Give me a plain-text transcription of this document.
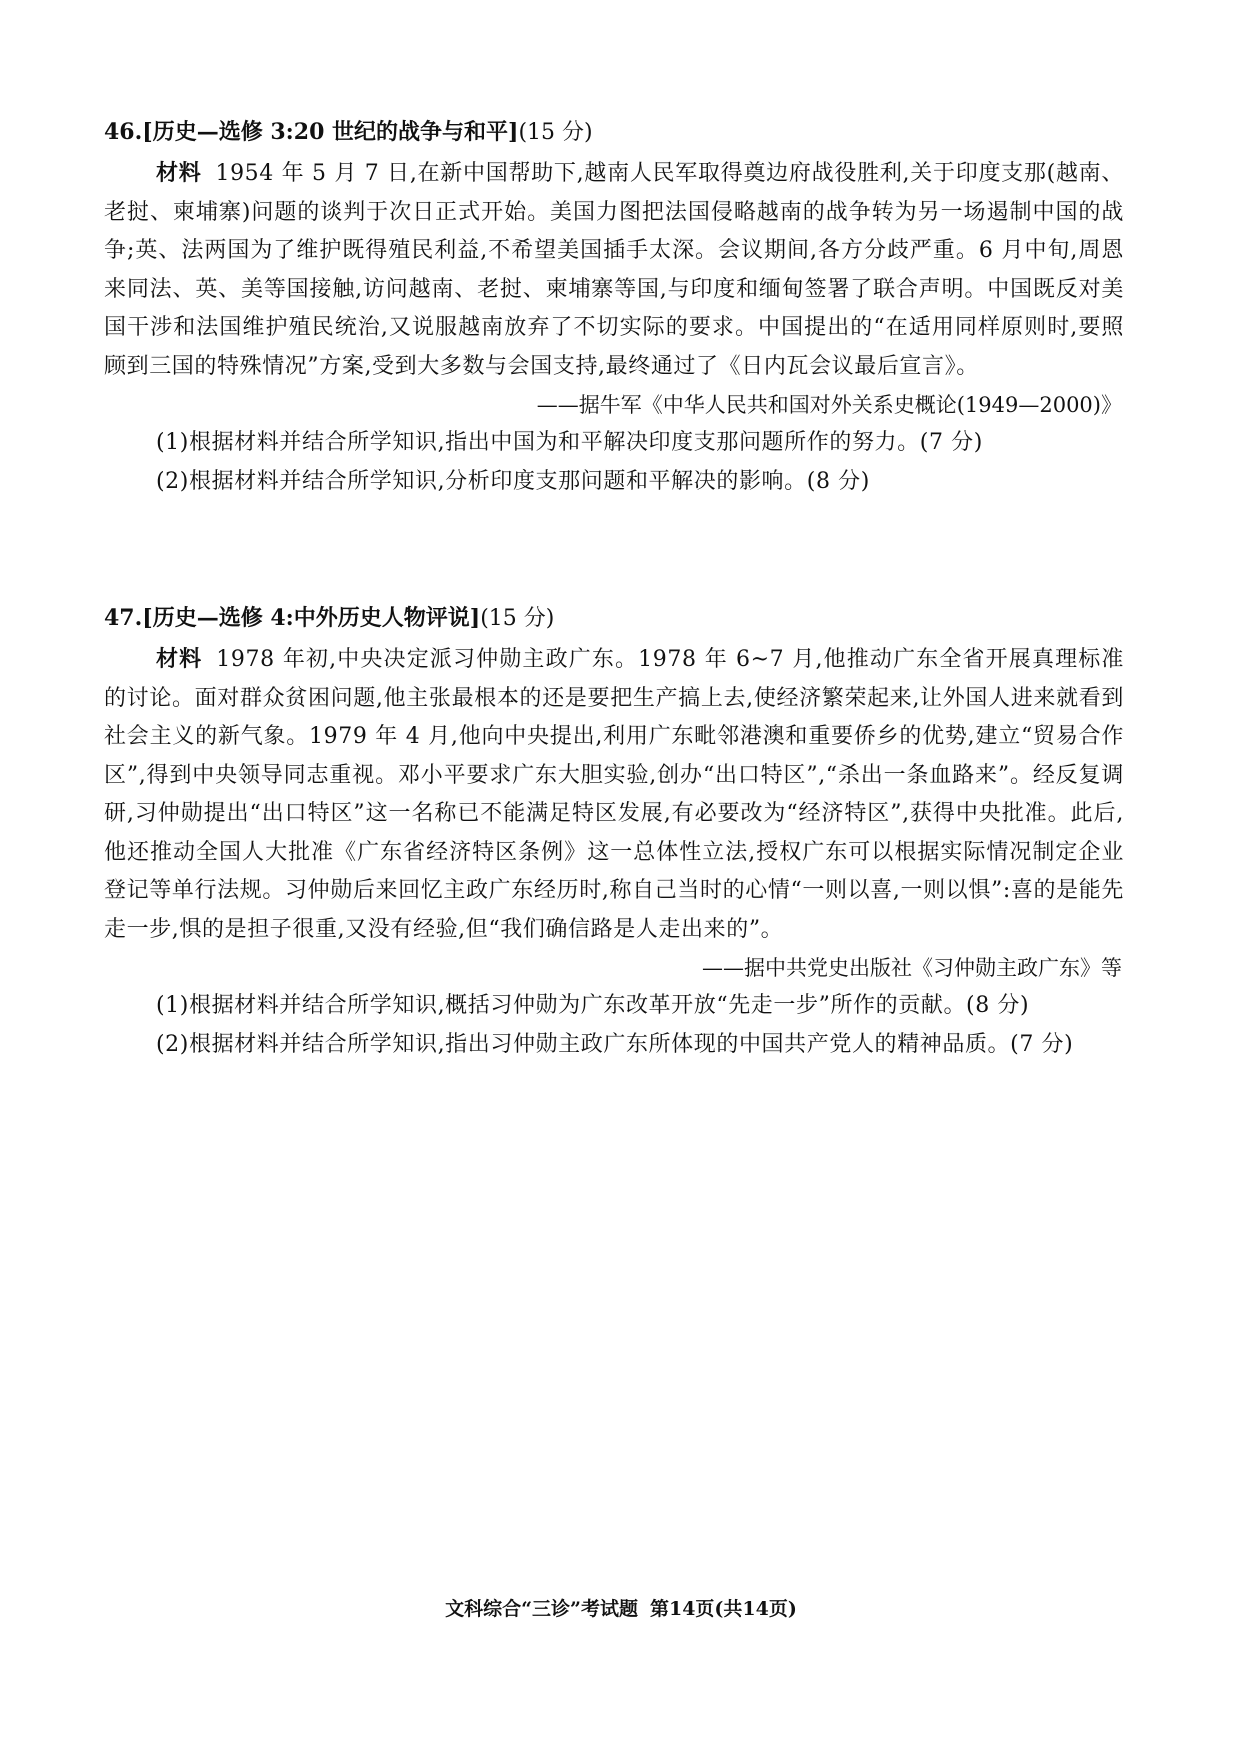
46.[历史—选修 3:20 世纪的战争与和平](15 分)
材料 1954 年 5 月 7 日,在新中国帮助下,越南人民军取得奠边府战役胜利,关于印度支那(越南、老挝、柬埔寨)问题的谈判于次日正式开始。美国力图把法国侵略越南的战争转为另一场遏制中国的战争;英、法两国为了维护既得殖民利益,不希望美国插手太深。会议期间,各方分歧严重。6 月中旬,周恩来同法、英、美等国接触,访问越南、老挝、柬埔寨等国,与印度和缅甸签署了联合声明。中国既反对美国干涉和法国维护殖民统治,又说服越南放弃了不切实际的要求。中国提出的“在适用同样原则时,要照顾到三国的特殊情况”方案,受到大多数与会国支持,最终通过了《日内瓦会议最后宣言》。
——据牛军《中华人民共和国对外关系史概论(1949—2000)》
(1)根据材料并结合所学知识,指出中国为和平解决印度支那问题所作的努力。(7 分)
(2)根据材料并结合所学知识,分析印度支那问题和平解决的影响。(8 分)
47.[历史—选修 4:中外历史人物评说](15 分)
材料 1978 年初,中央决定派习仲勋主政广东。1978 年 6~7 月,他推动广东全省开展真理标准的讨论。面对群众贫困问题,他主张最根本的还是要把生产搞上去,使经济繁荣起来,让外国人进来就看到社会主义的新气象。1979 年 4 月,他向中央提出,利用广东毗邻港澳和重要侨乡的优势,建立“贸易合作区”,得到中央领导同志重视。邓小平要求广东大胆实验,创办“出口特区”,“杀出一条血路来”。经反复调研,习仲勋提出“出口特区”这一名称已不能满足特区发展,有必要改为“经济特区”,获得中央批准。此后,他还推动全国人大批准《广东省经济特区条例》这一总体性立法,授权广东可以根据实际情况制定企业登记等单行法规。习仲勋后来回忆主政广东经历时,称自己当时的心情“一则以喜,一则以惧”:喜的是能先走一步,惧的是担子很重,又没有经验,但“我们确信路是人走出来的”。
——据中共党史出版社《习仲勋主政广东》等
(1)根据材料并结合所学知识,概括习仲勋为广东改革开放“先走一步”所作的贡献。(8 分)
(2)根据材料并结合所学知识,指出习仲勋主政广东所体现的中国共产党人的精神品质。(7 分)
文科综合“三诊”考试题 第14页(共14页)
